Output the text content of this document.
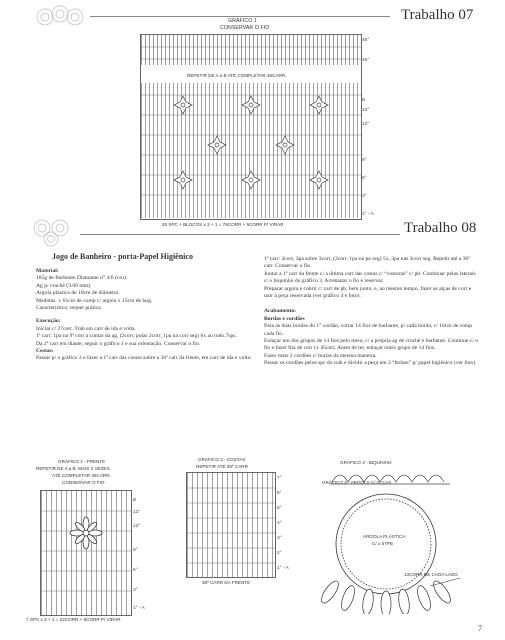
Trabalho 07
GRÁFICO 1
CONSERVAR O FIO
REPETIR DE A a B ATÉ COMPLETAR 46CARR.
46°
45°
B
13°
12°
9°
6°
3°
1° - A
25 SPC + BLOCOS x 3 + 1 = 76CORR + 5CORR P/ VIRAR	Trabalho 08
Jogo de Banheiro - porta-Papel Higiênico
Material:
185g de Barbante Diamante n° 4/6 (cru).
Ag p/ crochê (3.00 mm).
Argola plástica de 10cm de diâmetro.
Medidas: ± 61cm de comp c/ argola x 15cm de larg.
Característica: requer prática.
Execução:
Iniciar c/ 27corr. Trab em carr de ida e volta.
1ª carr: 1pa na 9ª corr a contar da ag, (2corr, pular 2corr, 1pa na corr seg) 6x ao todo.7spc.
Da 2ª carr em diante, seguir o gráfico 1 e sua orientação. Conservar o fio.
Costas:
Passar p/ o gráfico 2 e fazer a 1ª carr das costas sobre a 36ª carr da frente, em carr de ida e volta.
1ª carr: 3corr, 3pa sobre 3corr, (2corr, 1pa na pa seg) 5x, 3pa nas 3corr seg. Repetir até a 36ª carr. Conservar o fio.
Juntar a 1ª carr da frente c/ a última carr das costas c/ “costuras” c/ pb. Continuar pelas laterais c/ o biquinho do gráfico 3. Arrematar o fio e reservar.
Preparar argola e cobrir c/ carr de pb, bem junto, e, ao mesmo tempo, fazer as alças de corr e unir à peça reservada (ver gráfico 4 e foto).
Acabamento:
Bordas e cordões
Para as duas bordas do 1° cordão, cortar 14 fios de barbante, p/ cada borda, c/ 10cm de comp cada fio.
Enlaçar um dos grupos de 14 fios pelo meio, c/ a própria ag de crochê e barbante. Continue c/ o fio e fazer fita de corr (± 45cm). Antes de ter, enlaçar outro grupo de 14 fios.
Fazer mais 2 cordões c/ borlas da mesma maneira.
Passar os cordões pelos spc do trab e dividir a peça em 3 “bolsas” p/ papel higiênico (ver foto).
GRÁFICO 1 - FRENTE
REPETIR DE A a B, MAIS 2 VEZES,
ATÉ COMPLETAR 36CARR.
CONSERVAR O FIO
B
13°
12°
9°
6°
3°
1° - A
7 SPC x 3 + 1 = 22CORR + 5CORR P/ VIRAR
GRÁFICO 2 - COSTAS
REPETIR ATÉ 36ª CARR
7°
6°
5°
4°
3°
2°
1° - A
36ª CARR DA FRENTE
GRÁFICO 3 - BIQUINHO
GRÁFICO 4 - ARGOLA C/ ALÇAS
ARGOLA PLÁSTICA
C/ ± 57PB
13CORR DE CADA LADO
7
